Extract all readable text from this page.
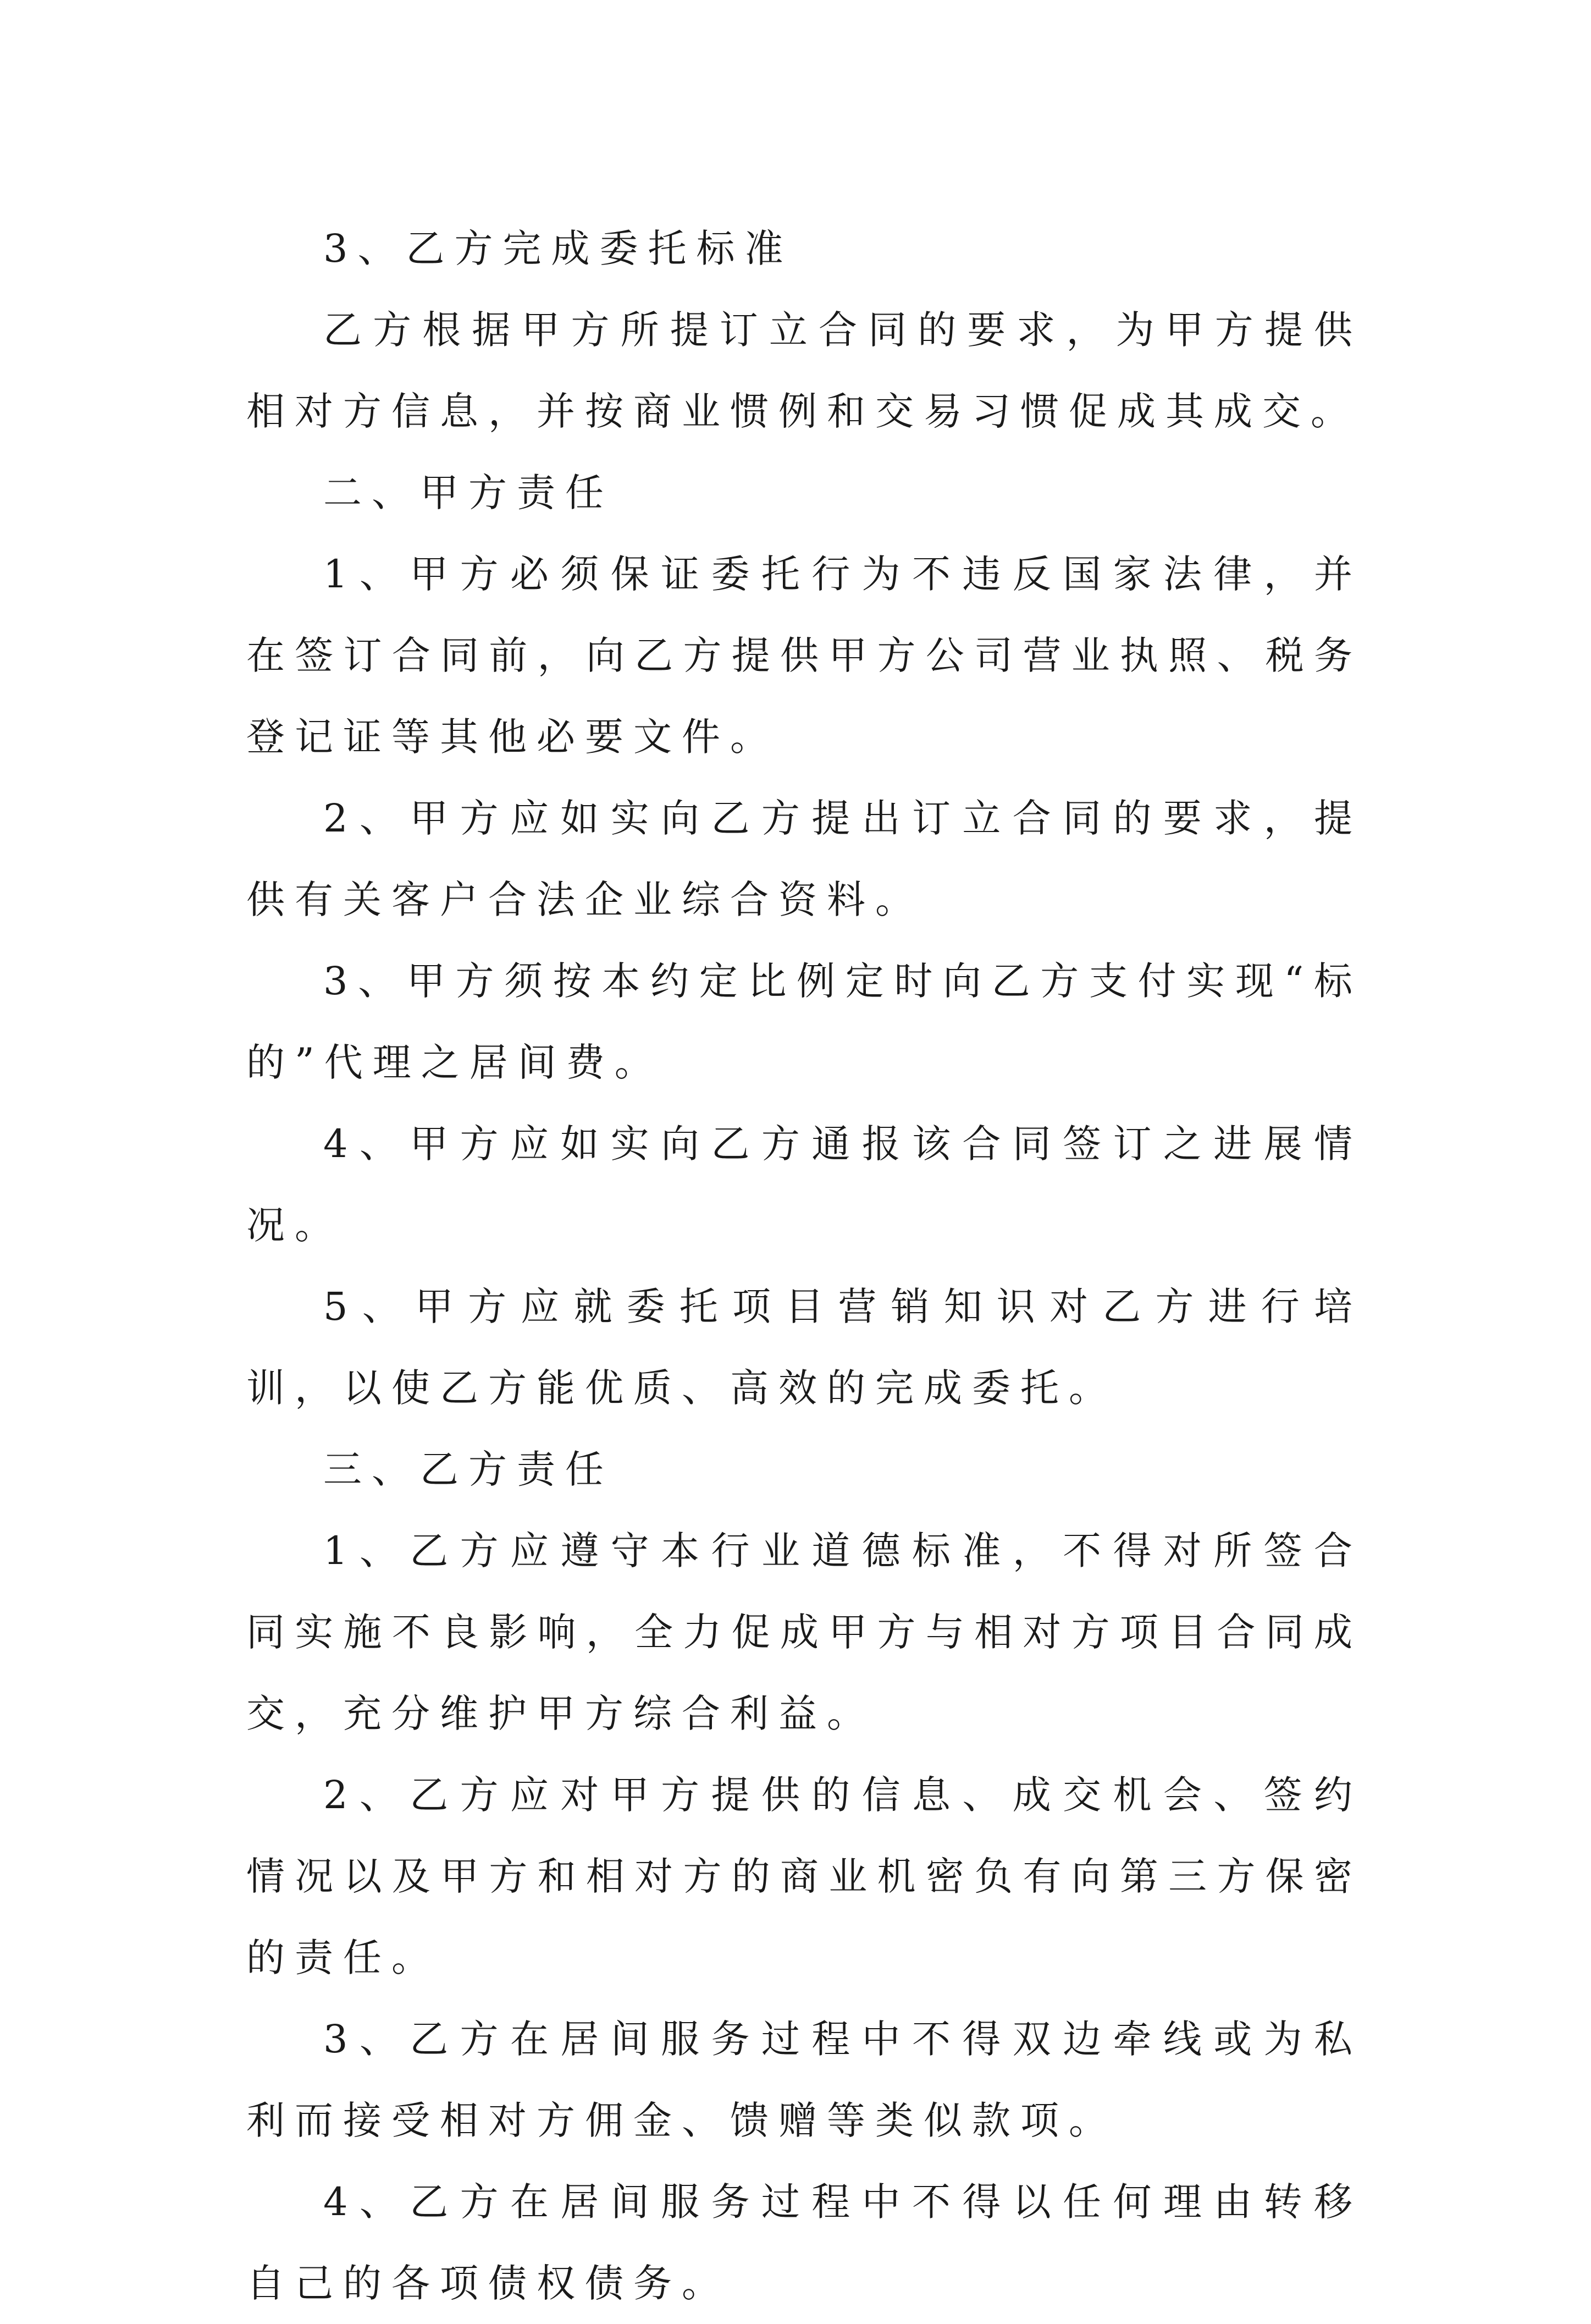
3、乙方完成委托标准

乙方根据甲方所提订立合同的要求，为甲方提供相对方信息，并按商业惯例和交易习惯促成其成交。

二、甲方责任

1、甲方必须保证委托行为不违反国家法律，并在签订合同前，向乙方提供甲方公司营业执照、税务登记证等其他必要文件。

2、甲方应如实向乙方提出订立合同的要求，提供有关客户合法企业综合资料。

3、甲方须按本约定比例定时向乙方支付实现“标的”代理之居间费。

4、甲方应如实向乙方通报该合同签订之进展情况。

5、甲方应就委托项目营销知识对乙方进行培训，以使乙方能优质、高效的完成委托。

三、乙方责任

1、乙方应遵守本行业道德标准，不得对所签合同实施不良影响，全力促成甲方与相对方项目合同成交，充分维护甲方综合利益。

2、乙方应对甲方提供的信息、成交机会、签约情况以及甲方和相对方的商业机密负有向第三方保密的责任。

3、乙方在居间服务过程中不得双边牵线或为私利而接受相对方佣金、馈赠等类似款项。

4、乙方在居间服务过程中不得以任何理由转移自己的各项债权债务。
